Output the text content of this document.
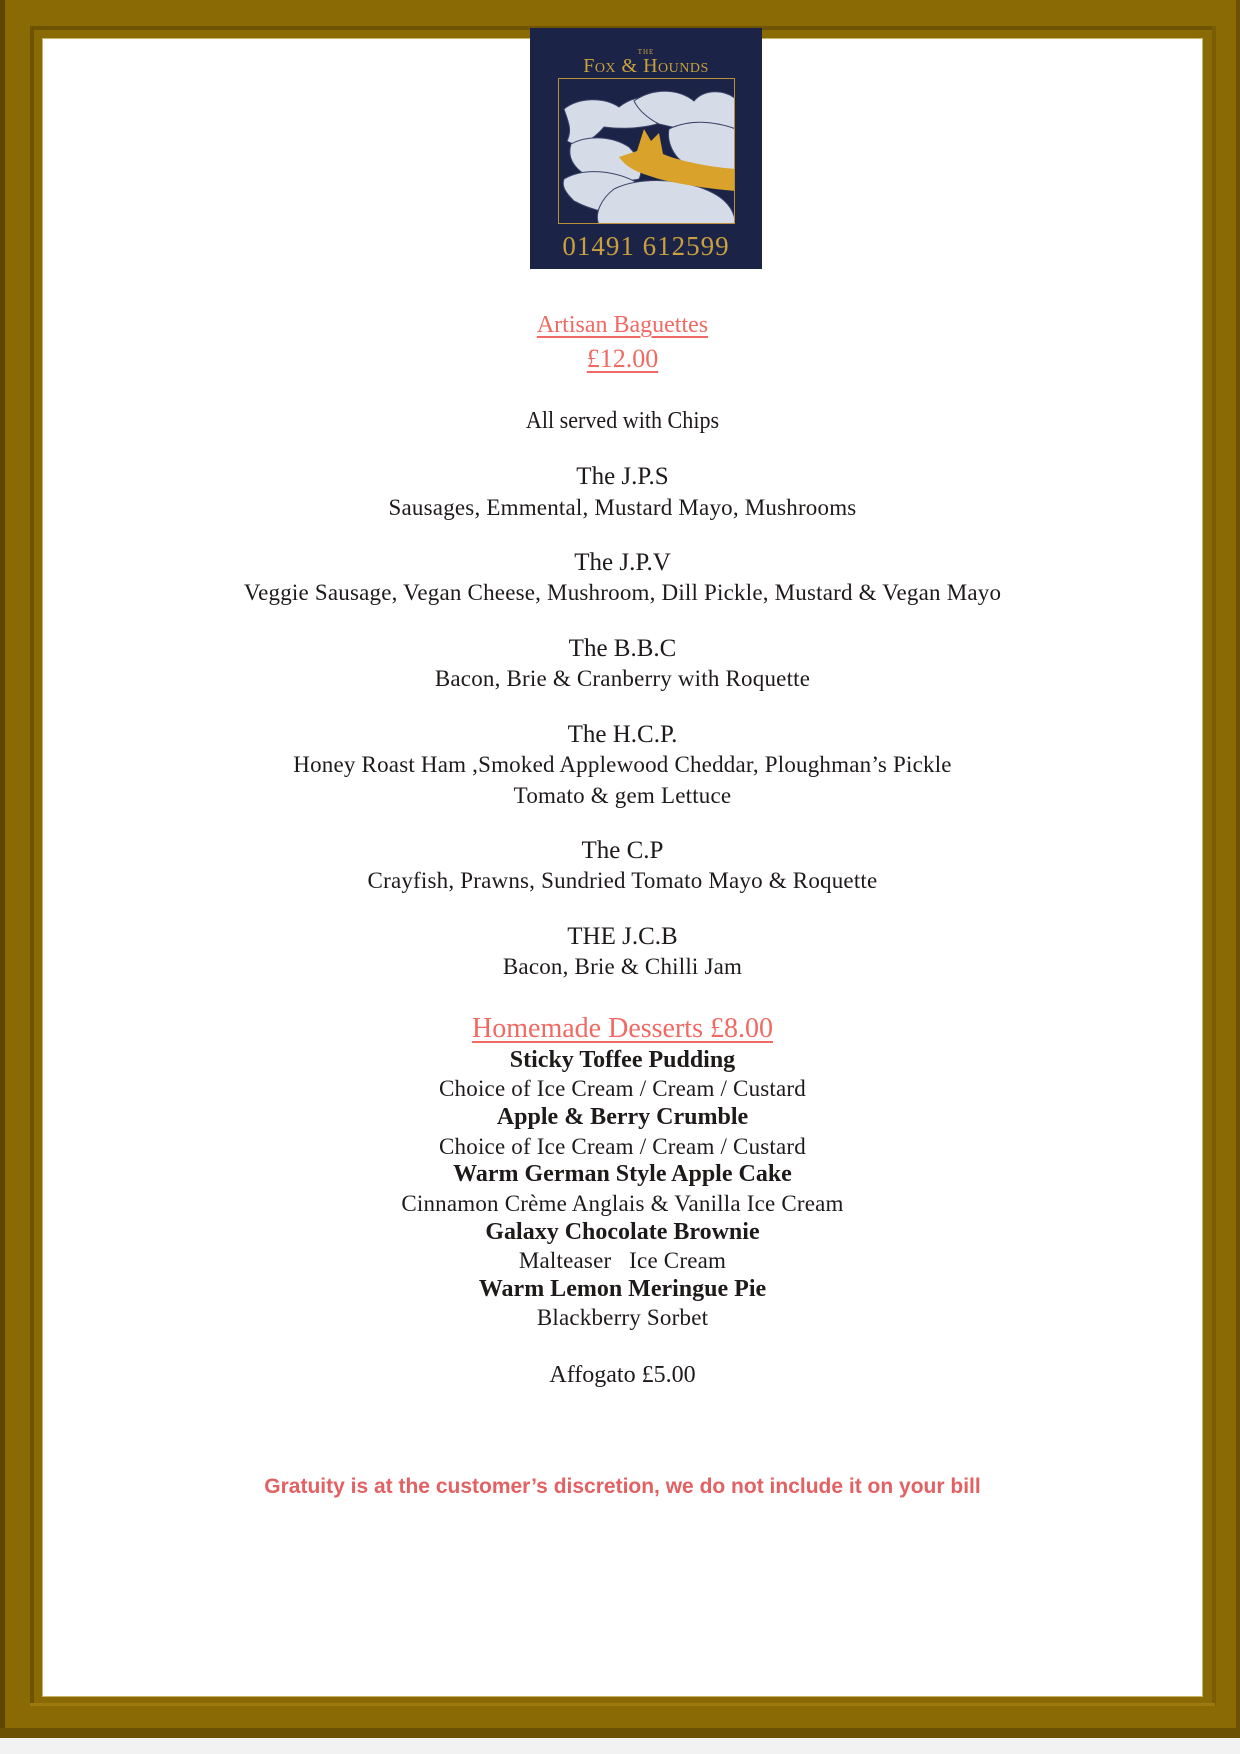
THE
Fox & Hounds
01491 612599
Artisan Baguettes
£12.00
All served with Chips
The J.P.S
Sausages, Emmental, Mustard Mayo, Mushrooms
The J.P.V
Veggie Sausage, Vegan Cheese, Mushroom, Dill Pickle, Mustard & Vegan Mayo
The B.B.C
Bacon, Brie & Cranberry with Roquette
The H.C.P.
Honey Roast Ham ,Smoked Applewood Cheddar, Ploughman’s Pickle
Tomato & gem Lettuce
The C.P
Crayfish, Prawns, Sundried Tomato Mayo & Roquette
THE J.C.B
Bacon, Brie & Chilli Jam
Homemade Desserts £8.00
Sticky Toffee Pudding
Choice of Ice Cream / Cream / Custard
Apple & Berry Crumble
Choice of Ice Cream / Cream / Custard
Warm German Style Apple Cake
Cinnamon Crème Anglais & Vanilla Ice Cream
Galaxy Chocolate Brownie
Malteaser   Ice Cream
Warm Lemon Meringue Pie
Blackberry Sorbet
Affogato £5.00
Gratuity is at the customer’s discretion, we do not include it on your bill
